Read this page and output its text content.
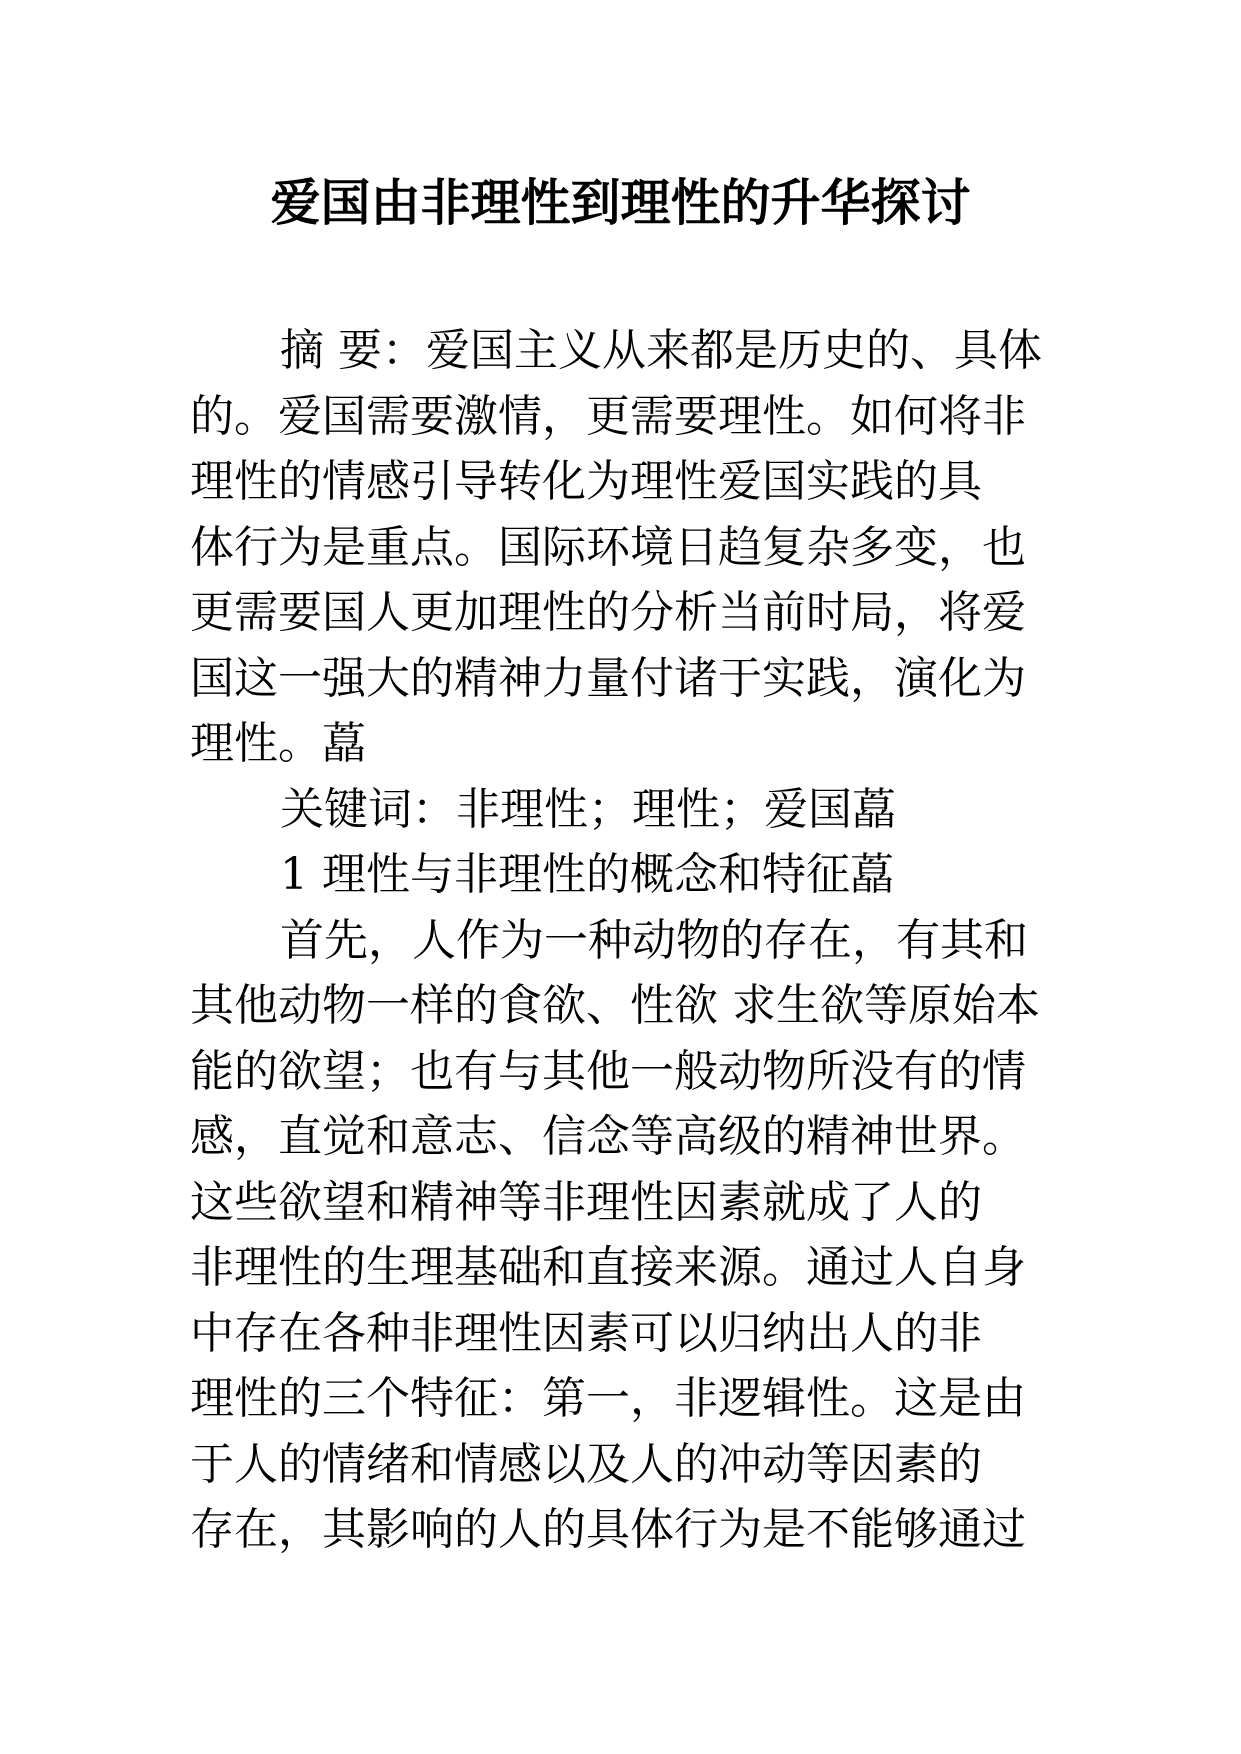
爱国由非理性到理性的升华探讨
摘 要：爱国主义从来都是历史的、具体
的。爱国需要激情，更需要理性。如何将非
理性的情感引导转化为理性爱国实践的具
体行为是重点。国际环境日趋复杂多变，也
更需要国人更加理性的分析当前时局，将爱
国这一强大的精神力量付诸于实践，演化为
理性。藠
关键词：非理性；理性；爱国藠
1 理性与非理性的概念和特征藠
首先，人作为一种动物的存在，有其和
其他动物一样的食欲、性欲 求生欲等原始本
能的欲望；也有与其他一般动物所没有的情
感，直觉和意志、信念等高级的精神世界。
这些欲望和精神等非理性因素就成了人的
非理性的生理基础和直接来源。通过人自身
中存在各种非理性因素可以归纳出人的非
理性的三个特征：第一，非逻辑性。这是由
于人的情绪和情感以及人的冲动等因素的
存在，其影响的人的具体行为是不能够通过
